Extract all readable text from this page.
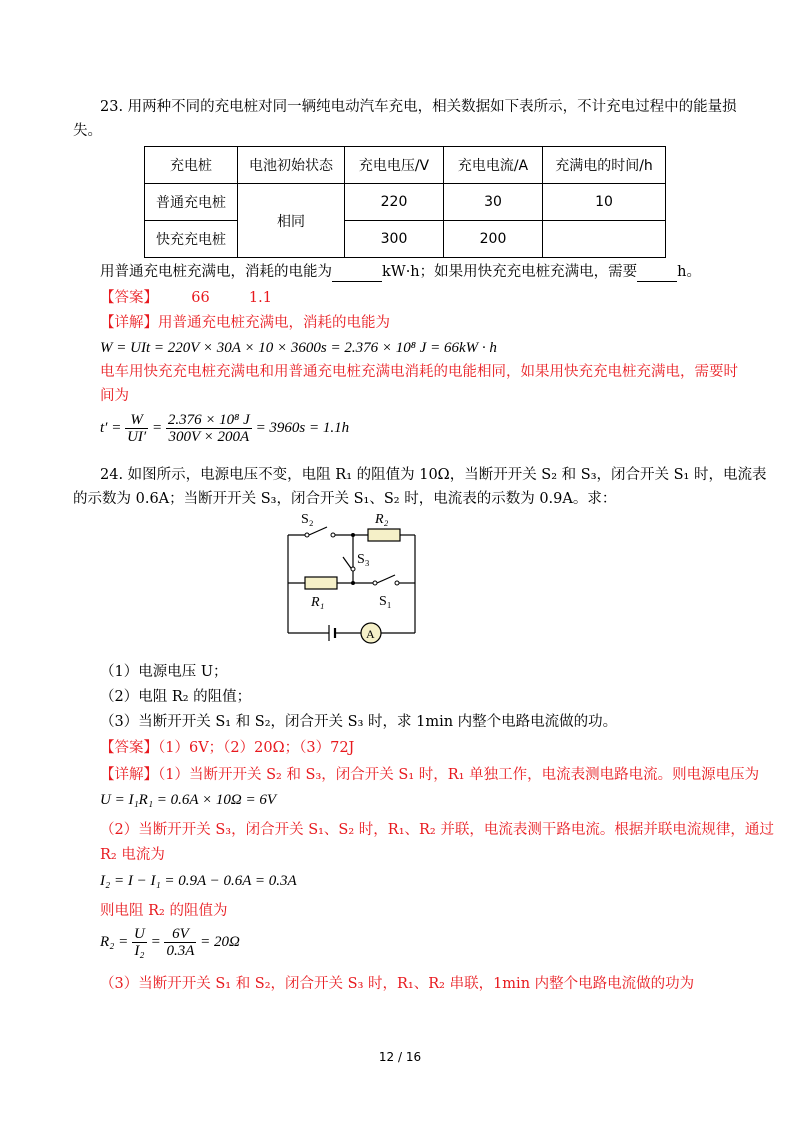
23. 用两种不同的充电桩对同一辆纯电动汽车充电，相关数据如下表所示，不计充电过程中的能量损
失。
充电桩	电池初始状态	充电电压/V	充电电流/A	充满电的时间/h
普通充电桩	相同	220	30	10
快充充电桩		300	200	
用普通充电桩充满电，消耗的电能为	kW·h；如果用快充充电桩充满电，需要	h。
【答案】 66	1.1
【详解】用普通充电桩充满电，消耗的电能为
W = UIt = 220V × 30A × 10 × 3600s = 2.376 × 10⁸ J = 66kW · h
电车用快充充电桩充满电和用普通充电桩充满电消耗的电能相同，如果用快充充电桩充满电，需要时
间为
$t' = \frac{W}{UI'} = \frac{\text{2.376 × 10⁸ J}}{300V \times 200A} = 3960s = 1.1h$
24. 如图所示，电源电压不变，电阻 R₁ 的阻值为 10Ω，当断开开关 S₂ 和 S₃，闭合开关 S₁ 时，电流表
的示数为 0.6A；当断开开关 S₃，闭合开关 S₁、S₂ 时，电流表的示数为 0.9A。求：
S₂	R₂
S₃
R₁	S₁
A
（1）电源电压 U；
（2）电阻 R₂ 的阻值；
（3）当断开开关 S₁ 和 S₂，闭合开关 S₃ 时，求 1min 内整个电路电流做的功。
【答案】（1）6V；（2）20Ω；（3）72J
【详解】（1）当断开开关 S₂ 和 S₃，闭合开关 S₁ 时，R₁ 单独工作，电流表测电路电流。则电源电压为
U = I₁R₁ = 0.6A × 10Ω = 6V
（2）当断开开关 S₃，闭合开关 S₁、S₂ 时，R₁、R₂ 并联，电流表测干路电流。根据并联电流规律，通过
R₂ 电流为
I₂ = I − I₁ = 0.9A − 0.6A = 0.3A
则电阻 R₂ 的阻值为
$R_2 = \frac{U}{\text{I₂}} = \frac{6V}{0.3A} = 20\Omega$
（3）当断开开关 S₁ 和 S₂，闭合开关 S₃ 时，R₁、R₂ 串联，1min 内整个电路电流做的功为
12 / 16
